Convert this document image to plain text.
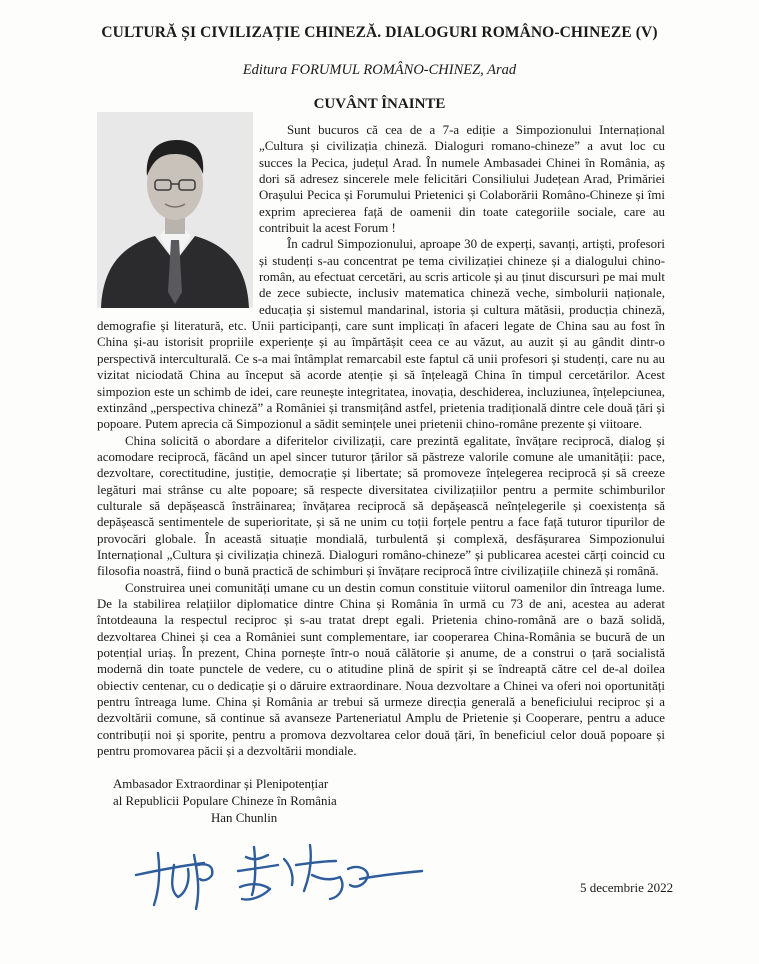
CULTURĂ ȘI CIVILIZAȚIE CHINEZĂ. DIALOGURI ROMÂNO-CHINEZE (V)
Editura FORUMUL ROMÂNO-CHINEZ, Arad
CUVÂNT ÎNAINTE

Sunt bucuros că cea de a 7-a ediție a Simpozionului Internațional „Cultura și civilizația chineză. Dialoguri romano-chineze” a avut loc cu succes la Pecica, județul Arad. În numele Ambasadei Chinei în România, aș dori să adresez sincerele mele felicitări Consiliului Județean Arad, Primăriei Orașului Pecica și Forumului Prietenici și Colaborării Româno-Chineze și îmi exprim aprecierea față de oamenii din toate categoriile sociale, care au contribuit la acest Forum !

În cadrul Simpozionului, aproape 30 de experți, savanți, artiști, profesori și studenți s-au concentrat pe tema civilizației chineze și a dialogului chino-român, au efectuat cercetări, au scris articole și au ținut discursuri pe mai mult de zece subiecte, inclusiv matematica chineză veche, simbolurii naționale, educația și sistemul mandarinal, istoria și cultura mătăsii, producția chineză, demografie și literatură, etc. Unii participanți, care sunt implicați în afaceri legate de China sau au fost în China și-au istorisit propriile experiențe și au împărtășit ceea ce au văzut, au auzit și au gândit dintr-o perspectivă interculturală. Ce s-a mai întâmplat remarcabil este faptul că unii profesori și studenți, care nu au vizitat niciodată China au început să acorde atenție și să înțeleagă China în timpul cercetărilor. Acest simpozion este un schimb de idei, care reunește integritatea, inovația, deschiderea, incluziunea, înțelepciunea, extinzând „perspectiva chineză” a României și transmițând astfel, prietenia tradițională dintre cele două țări și popoare. Putem aprecia că Simpozionul a sădit semințele unei prietenii chino-române prezente și viitoare.

China solicită o abordare a diferitelor civilizații, care prezintă egalitate, învățare reciprocă, dialog și acomodare reciprocă, făcând un apel sincer tuturor țărilor să păstreze valorile comune ale umanității: pace, dezvoltare, corectitudine, justiție, democrație și libertate; să promoveze înțelegerea reciprocă și să creeze legături mai strânse cu alte popoare; să respecte diversitatea civilizațiilor pentru a permite schimburilor culturale să depășească înstrăinarea; învățarea reciprocă să depășească neînțelegerile și coexistența să depășească sentimentele de superioritate, și să ne unim cu toții forțele pentru a face față tuturor tipurilor de provocări globale. În această situație mondială, turbulentă și complexă, desfășurarea Simpozionului Internațional „Cultura și civilizația chineză. Dialoguri româno-chineze” și publicarea acestei cărți coincid cu filosofia noastră, fiind o bună practică de schimburi și învățare reciprocă între civilizațiile chineză și română.

Construirea unei comunități umane cu un destin comun constituie viitorul oamenilor din întreaga lume. De la stabilirea relațiilor diplomatice dintre China și România în urmă cu 73 de ani, acestea au aderat întotdeauna la respectul reciproc și s-au tratat drept egali. Prietenia chino-română are o bază solidă, dezvoltarea Chinei și cea a României sunt complementare, iar cooperarea China-România se bucură de un potențial uriaș. În prezent, China pornește într-o nouă călătorie și anume, de a construi o țară socialistă modernă din toate punctele de vedere, cu o atitudine plină de spirit și se îndreaptă către cel de-al doilea obiectiv centenar, cu o dedicație și o dăruire extraordinare. Noua dezvoltare a Chinei va oferi noi oportunități pentru întreaga lume. China și România ar trebui să urmeze direcția generală a beneficiului reciproc și a dezvoltării comune, să continue să avanseze Parteneriatul Amplu de Prietenie și Cooperare, pentru a aduce contribuții noi și sporite, pentru a promova dezvoltarea celor două țări, în beneficiul celor două popoare și pentru promovarea păcii și a dezvoltării mondiale.

Ambasador Extraordinar și Plenipotențiar
al Republicii Populare Chineze în România
Han Chunlin
5 decembrie 2022
